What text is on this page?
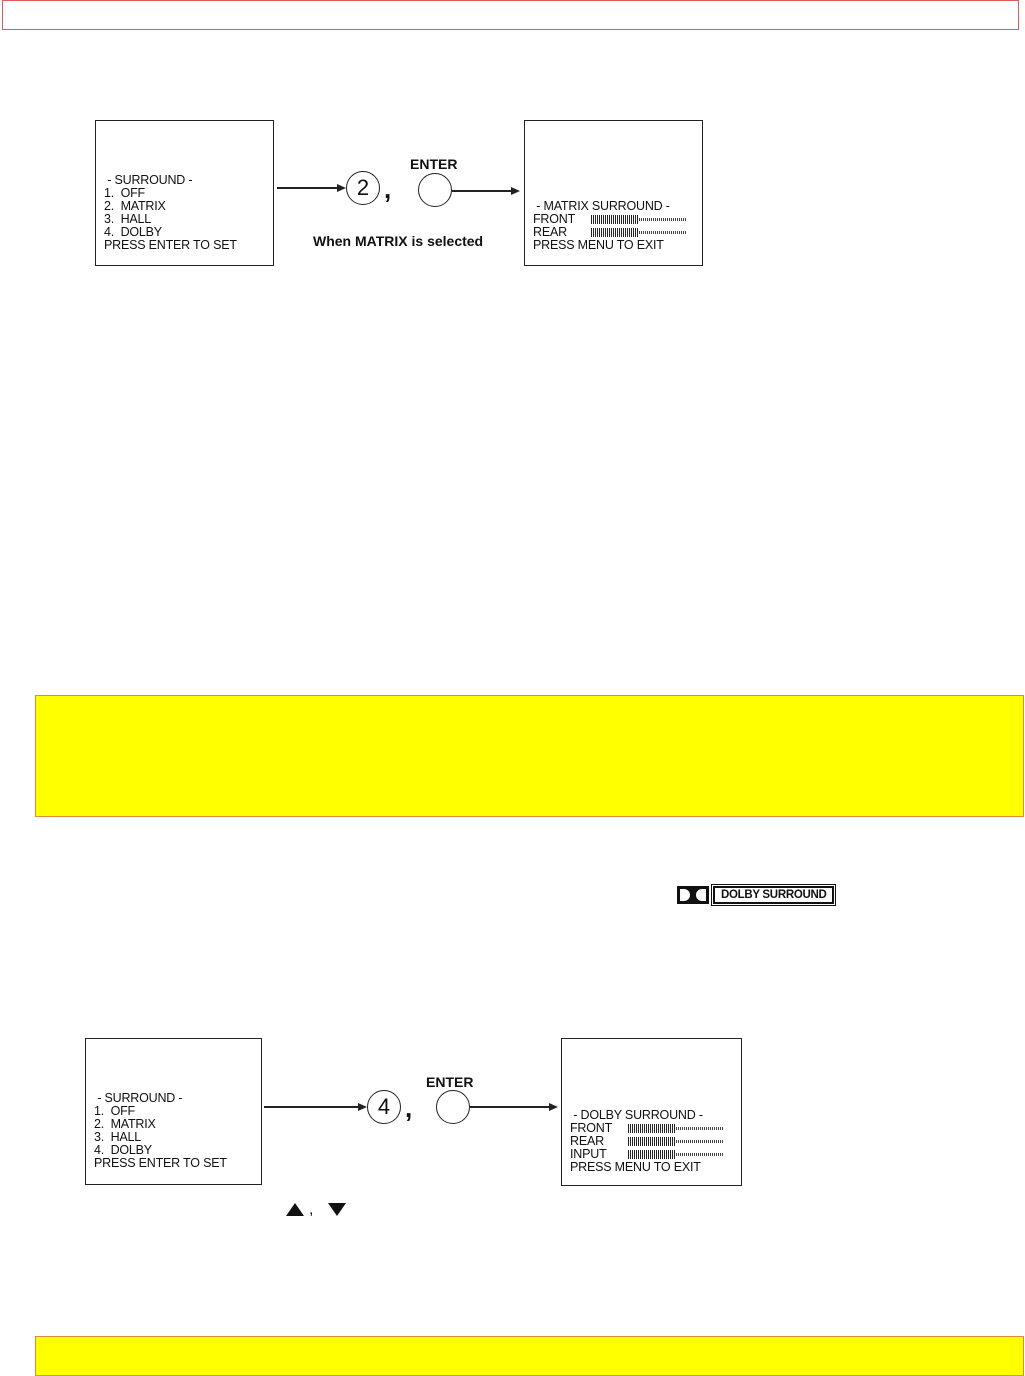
- SURROUND -
1.  OFF
2.  MATRIX
3.  HALL
4.  DOLBY
PRESS ENTER TO SET
2 ,
ENTER
When MATRIX is selected
- MATRIX SURROUND -
FRONT
REAR
PRESS MENU TO EXIT
DOLBY SURROUND
- SURROUND -
1.  OFF
2.  MATRIX
3.  HALL
4.  DOLBY
PRESS ENTER TO SET
4 ,
ENTER
- DOLBY SURROUND -
FRONT
REAR
INPUT
PRESS MENU TO EXIT
,
